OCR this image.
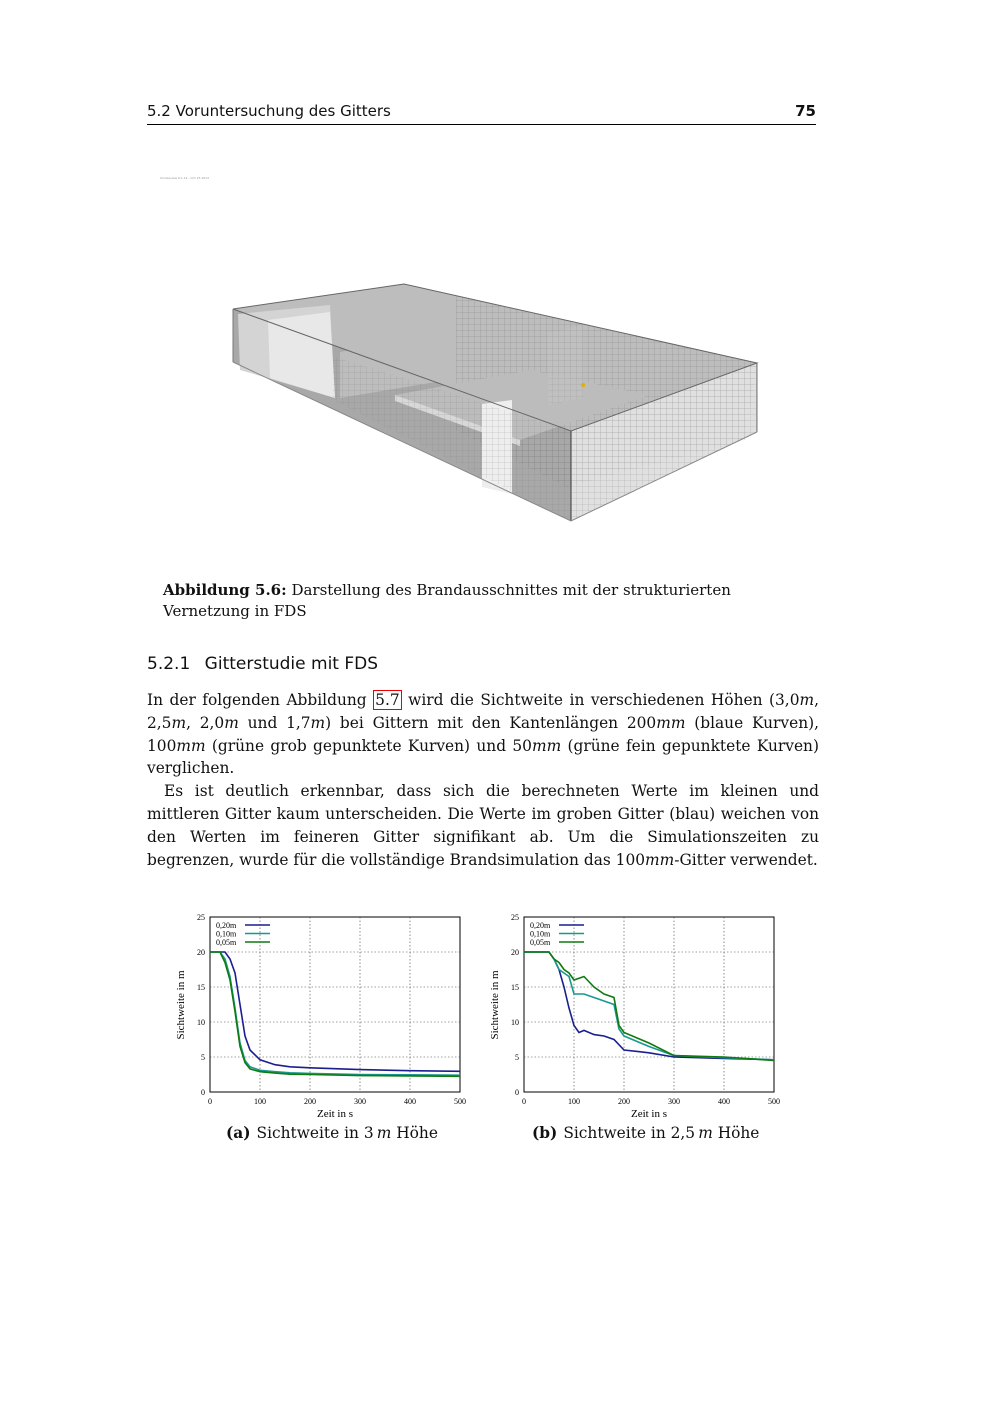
5.2 Voruntersuchung des Gitters	75
Smokeview 6.1.12 - Oct 25 2013
Abbildung 5.6: Darstellung des Brandausschnittes mit der strukturierten Vernetzung in FDS
5.2.1 Gitterstudie mit FDS

In der folgenden Abbildung 5.7 wird die Sichtweite in verschiedenen Höhen (3,0m, 2,5m, 2,0m und 1,7m) bei Gittern mit den Kantenlängen 200mm (blaue Kurven), 100mm (grüne grob gepunktete Kurven) und 50mm (grüne fein gepunktete Kurven) verglichen.

Es ist deutlich erkennbar, dass sich die berechneten Werte im kleinen und mittleren Gitter kaum unterscheiden. Die Werte im groben Gitter (blau) weichen von den Werten im feineren Gitter signifikant ab. Um die Simulationszeiten zu begrenzen, wurde für die vollständige Brandsimulation das 100mm-Gitter verwendet.

0
5
10
15
20
25
0	100	200	300	400	500
0,20m
0,10m
0,05m
Zeit in s
Sichtweite in m
0
5
10
15
20
25
0	100	200	300	400	500
0,20m
0,10m
0,05m
Zeit in s
Sichtweite in m
(a) Sichtweite in 3  m Höhe	(b) Sichtweite in 2,5  m Höhe
